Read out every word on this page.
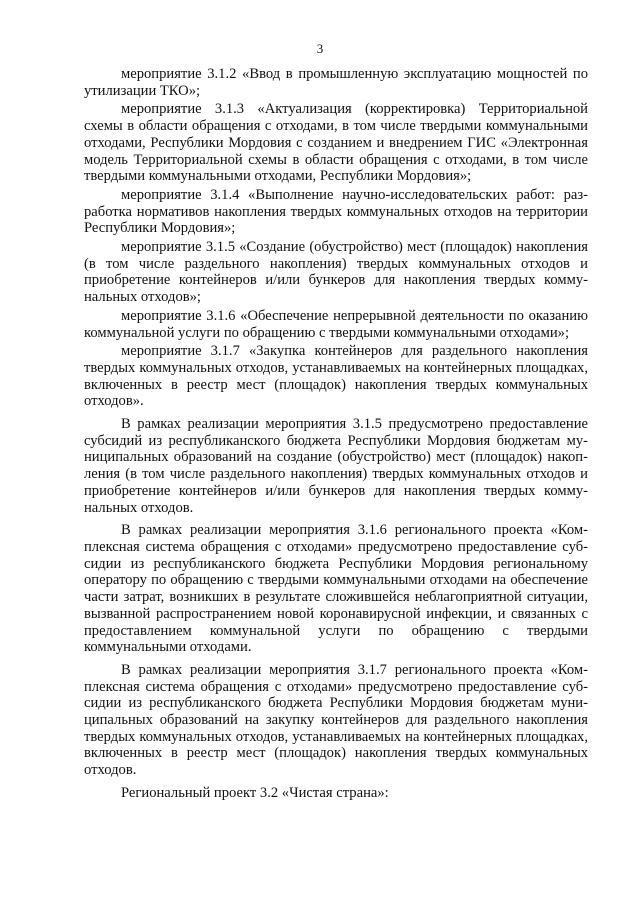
3

мероприятие 3.1.2 «Ввод в промышленную эксплуатацию мощностей по утилизации ТКО»;

мероприятие 3.1.3 «Актуализация (корректировка) Территориальной схемы в области обращения с отходами, в том числе твердыми коммунальными отходами, Республики Мордовия с созданием и внедрением ГИС «Электронная модель Территориальной схемы в области обращения с отходами, в том числе твердыми коммунальными отходами, Республики Мордовия»;

мероприятие 3.1.4 «Выполнение научно-исследовательских работ: разработка нормативов накопления твердых коммунальных отходов на территории Республики Мордовия»;

мероприятие 3.1.5 «Создание (обустройство) мест (площадок) накопления (в том числе раздельного накопления) твердых коммунальных отходов и приобретение контейнеров и/или бункеров для накопления твердых коммунальных отходов»;

мероприятие 3.1.6 «Обеспечение непрерывной деятельности по оказанию коммунальной услуги по обращению с твердыми коммунальными отходами»;

мероприятие 3.1.7 «Закупка контейнеров для раздельного накопления твердых коммунальных отходов, устанавливаемых на контейнерных площадках, включенных в реестр мест (площадок) накопления твердых коммунальных отходов».

В рамках реализации мероприятия 3.1.5 предусмотрено предоставление субсидий из республиканского бюджета Республики Мордовия бюджетам муниципальных образований на создание (обустройство) мест (площадок) накопления (в том числе раздельного накопления) твердых коммунальных отходов и приобретение контейнеров и/или бункеров для накопления твердых коммунальных отходов.

В рамках реализации мероприятия 3.1.6 регионального проекта «Комплексная система обращения с отходами» предусмотрено предоставление субсидии из республиканского бюджета Республики Мордовия региональному оператору по обращению с твердыми коммунальными отходами на обеспечение части затрат, возникших в результате сложившейся неблагоприятной ситуации, вызванной распространением новой коронавирусной инфекции, и связанных с предоставлением коммунальной услуги по обращению с твердыми коммунальными отходами.

В рамках реализации мероприятия 3.1.7 регионального проекта «Комплексная система обращения с отходами» предусмотрено предоставление субсидии из республиканского бюджета Республики Мордовия бюджетам муниципальных образований на закупку контейнеров для раздельного накопления твердых коммунальных отходов, устанавливаемых на контейнерных площадках, включенных в реестр мест (площадок) накопления твердых коммунальных отходов.

Региональный проект 3.2 «Чистая страна»:
